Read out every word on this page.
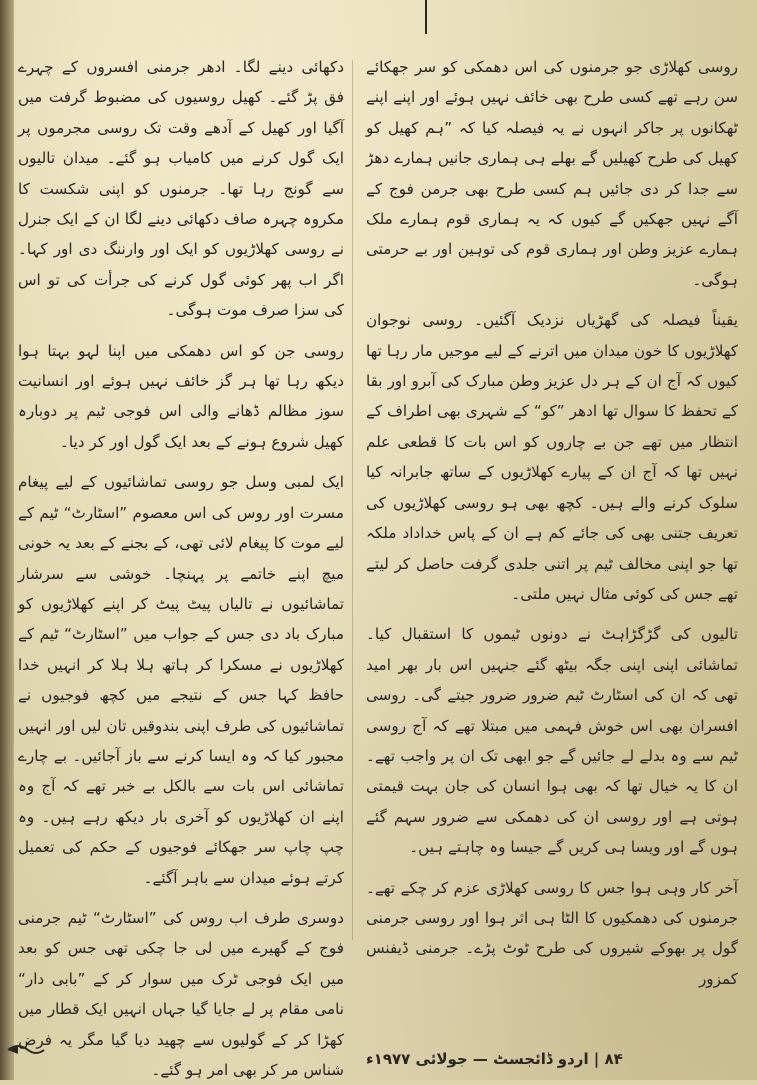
روسی کھلاڑی جو جرمنوں کی اس دھمکی کو سر جھکائے سن رہے تھے کسی طرح بھی خائف نہیں ہوئے اور اپنے اپنے ٹھکانوں پر جاکر انہوں نے یہ فیصلہ کیا کہ ”ہم کھیل کو کھیل کی طرح کھیلیں گے بھلے ہی ہماری جانیں ہمارے دھڑ سے جدا کر دی جائیں ہم کسی طرح بھی جرمن فوج کے آگے نہیں جھکیں گے کیوں کہ یہ ہماری قوم ہمارے ملک ہمارے عزیز وطن اور ہماری قوم کی توہین اور بے حرمتی ہوگی۔

یقیناً فیصلہ کی گھڑیاں نزدیک آگئیں۔ روسی نوجوان کھلاڑیوں کا خون میدان میں اترنے کے لیے موجیں مار رہا تھا کیوں کہ آج ان کے ہر دل عزیز وطن مبارک کی آبرو اور بقا کے تحفظ کا سوال تھا ادھر ”کو“ کے شہری بھی اطراف کے انتظار میں تھے جن بے چاروں کو اس بات کا قطعی علم نہیں تھا کہ آج ان کے پیارے کھلاڑیوں کے ساتھ جابرانہ کیا سلوک کرنے والے ہیں۔ کچھ بھی ہو روسی کھلاڑیوں کی تعریف جتنی بھی کی جائے کم ہے ان کے پاس خداداد ملکہ تھا جو اپنی مخالف ٹیم پر اتنی جلدی گرفت حاصل کر لیتے تھے جس کی کوئی مثال نہیں ملتی۔

تالیوں کی گڑگڑاہٹ نے دونوں ٹیموں کا استقبال کیا۔ تماشائی اپنی اپنی جگہ بیٹھ گئے جنہیں اس بار بھر امید تھی کہ ان کی اسٹارٹ ٹیم ضرور ضرور جیتے گی۔ روسی افسران بھی اس خوش فہمی میں مبتلا تھے کہ آج روسی ٹیم سے وہ بدلے لے جائیں گے جو ابھی تک ان پر واجب تھے۔ ان کا یہ خیال تھا کہ بھی ہوا انسان کی جان بہت قیمتی ہوتی ہے اور روسی ان کی دھمکی سے ضرور سہم گئے ہوں گے اور ویسا ہی کریں گے جیسا وہ چاہتے ہیں۔

آخر کار وہی ہوا جس کا روسی کھلاڑی عزم کر چکے تھے۔ جرمنوں کی دھمکیوں کا الٹا ہی اثر ہوا اور روسی جرمنی گول پر بھوکے شیروں کی طرح ٹوٹ پڑے۔ جرمنی ڈیفنس کمزور

دکھائی دینے لگا۔ ادھر جرمنی افسروں کے چہرے فق پڑ گئے۔ کھیل روسیوں کی مضبوط گرفت میں آگیا اور کھیل کے آدھے وقت تک روسی مجرموں پر ایک گول کرنے میں کامیاب ہو گئے۔ میدان تالیوں سے گونج رہا تھا۔ جرمنوں کو اپنی شکست کا مکروہ چہرہ صاف دکھائی دینے لگا ان کے ایک جنرل نے روسی کھلاڑیوں کو ایک اور وارننگ دی اور کہا۔ اگر اب پھر کوئی گول کرنے کی جرأت کی تو اس کی سزا صرف موت ہوگی۔

روسی جن کو اس دھمکی میں اپنا لہو بہتا ہوا دیکھ رہا تھا ہر گز خائف نہیں ہوئے اور انسانیت سوز مظالم ڈھانے والی اس فوجی ٹیم پر دوبارہ کھیل شروع ہونے کے بعد ایک گول اور کر دیا۔

ایک لمبی وسل جو روسی تماشائیوں کے لیے پیغام مسرت اور روس کی اس معصوم ”اسٹارٹ“ ٹیم کے لیے موت کا پیغام لائی تھی، کے بجنے کے بعد یہ خونی میچ اپنے خاتمے پر پہنچا۔ خوشی سے سرشار تماشائیوں نے تالیاں پیٹ پیٹ کر اپنے کھلاڑیوں کو مبارک باد دی جس کے جواب میں ”اسٹارٹ“ ٹیم کے کھلاڑیوں نے مسکرا کر ہاتھ ہلا ہلا کر انہیں خدا حافظ کہا جس کے نتیجے میں کچھ فوجیوں نے تماشائیوں کی طرف اپنی بندوقیں تان لیں اور انہیں مجبور کیا کہ وہ ایسا کرنے سے باز آجائیں۔ بے چارے تماشائی اس بات سے بالکل بے خبر تھے کہ آج وہ اپنے ان کھلاڑیوں کو آخری بار دیکھ رہے ہیں۔ وہ چپ چاپ سر جھکائے فوجیوں کے حکم کی تعمیل کرتے ہوئے میدان سے باہر آگئے۔

دوسری طرف اب روس کی ”اسٹارٹ“ ٹیم جرمنی فوج کے گھیرے میں لی جا چکی تھی جس کو بعد میں ایک فوجی ٹرک میں سوار کر کے ”بابی دار“ نامی مقام پر لے جایا گیا جہاں انہیں ایک قطار میں کھڑا کر کے گولیوں سے چھید دیا گیا مگر یہ فرض شناس مر کر بھی امر ہو گئے۔

۸۴ | اردو ڈائجسٹ — جولائی ۱۹۷۷ء
